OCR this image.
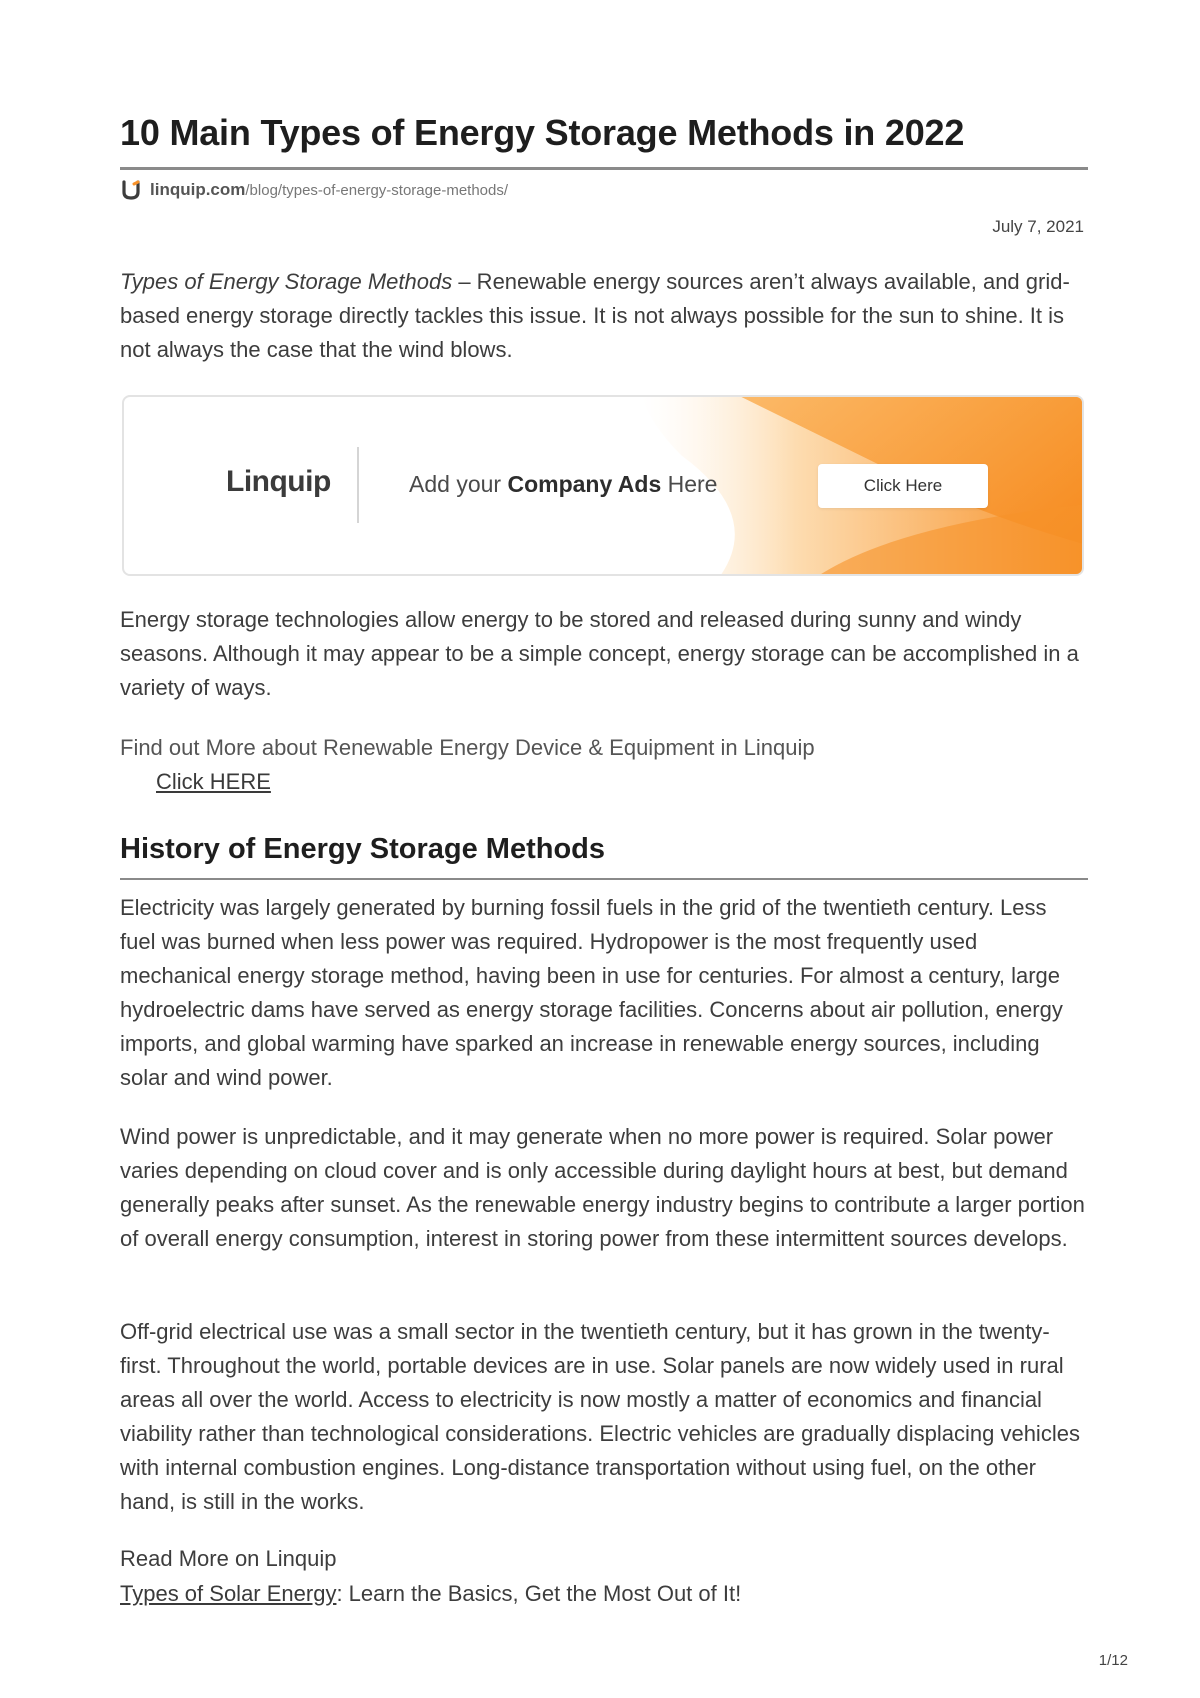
10 Main Types of Energy Storage Methods in 2022
linquip.com /blog/types-of-energy-storage-methods/
July 7, 2021

Types of Energy Storage Methods – Renewable energy sources aren’t always available, and grid-based energy storage directly tackles this issue. It is not always possible for the sun to shine. It is not always the case that the wind blows.

Linquip	Add your Company Ads Here	Click Here

Energy storage technologies allow energy to be stored and released during sunny and windy seasons. Although it may appear to be a simple concept, energy storage can be accomplished in a variety of ways.

Find out More about Renewable Energy Device & Equipment in Linquip
Click HERE
History of Energy Storage Methods

Electricity was largely generated by burning fossil fuels in the grid of the twentieth century. Less fuel was burned when less power was required. Hydropower is the most frequently used mechanical energy storage method, having been in use for centuries. For almost a century, large hydroelectric dams have served as energy storage facilities. Concerns about air pollution, energy imports, and global warming have sparked an increase in renewable energy sources, including solar and wind power.

Wind power is unpredictable, and it may generate when no more power is required. Solar power varies depending on cloud cover and is only accessible during daylight hours at best, but demand generally peaks after sunset. As the renewable energy industry begins to contribute a larger portion of overall energy consumption, interest in storing power from these intermittent sources develops.

Off-grid electrical use was a small sector in the twentieth century, but it has grown in the twenty-first. Throughout the world, portable devices are in use. Solar panels are now widely used in rural areas all over the world. Access to electricity is now mostly a matter of economics and financial viability rather than technological considerations. Electric vehicles are gradually displacing vehicles with internal combustion engines. Long-distance transportation without using fuel, on the other hand, is still in the works.

Read More on Linquip
Types of Solar Energy: Learn the Basics, Get the Most Out of It!
1/12
